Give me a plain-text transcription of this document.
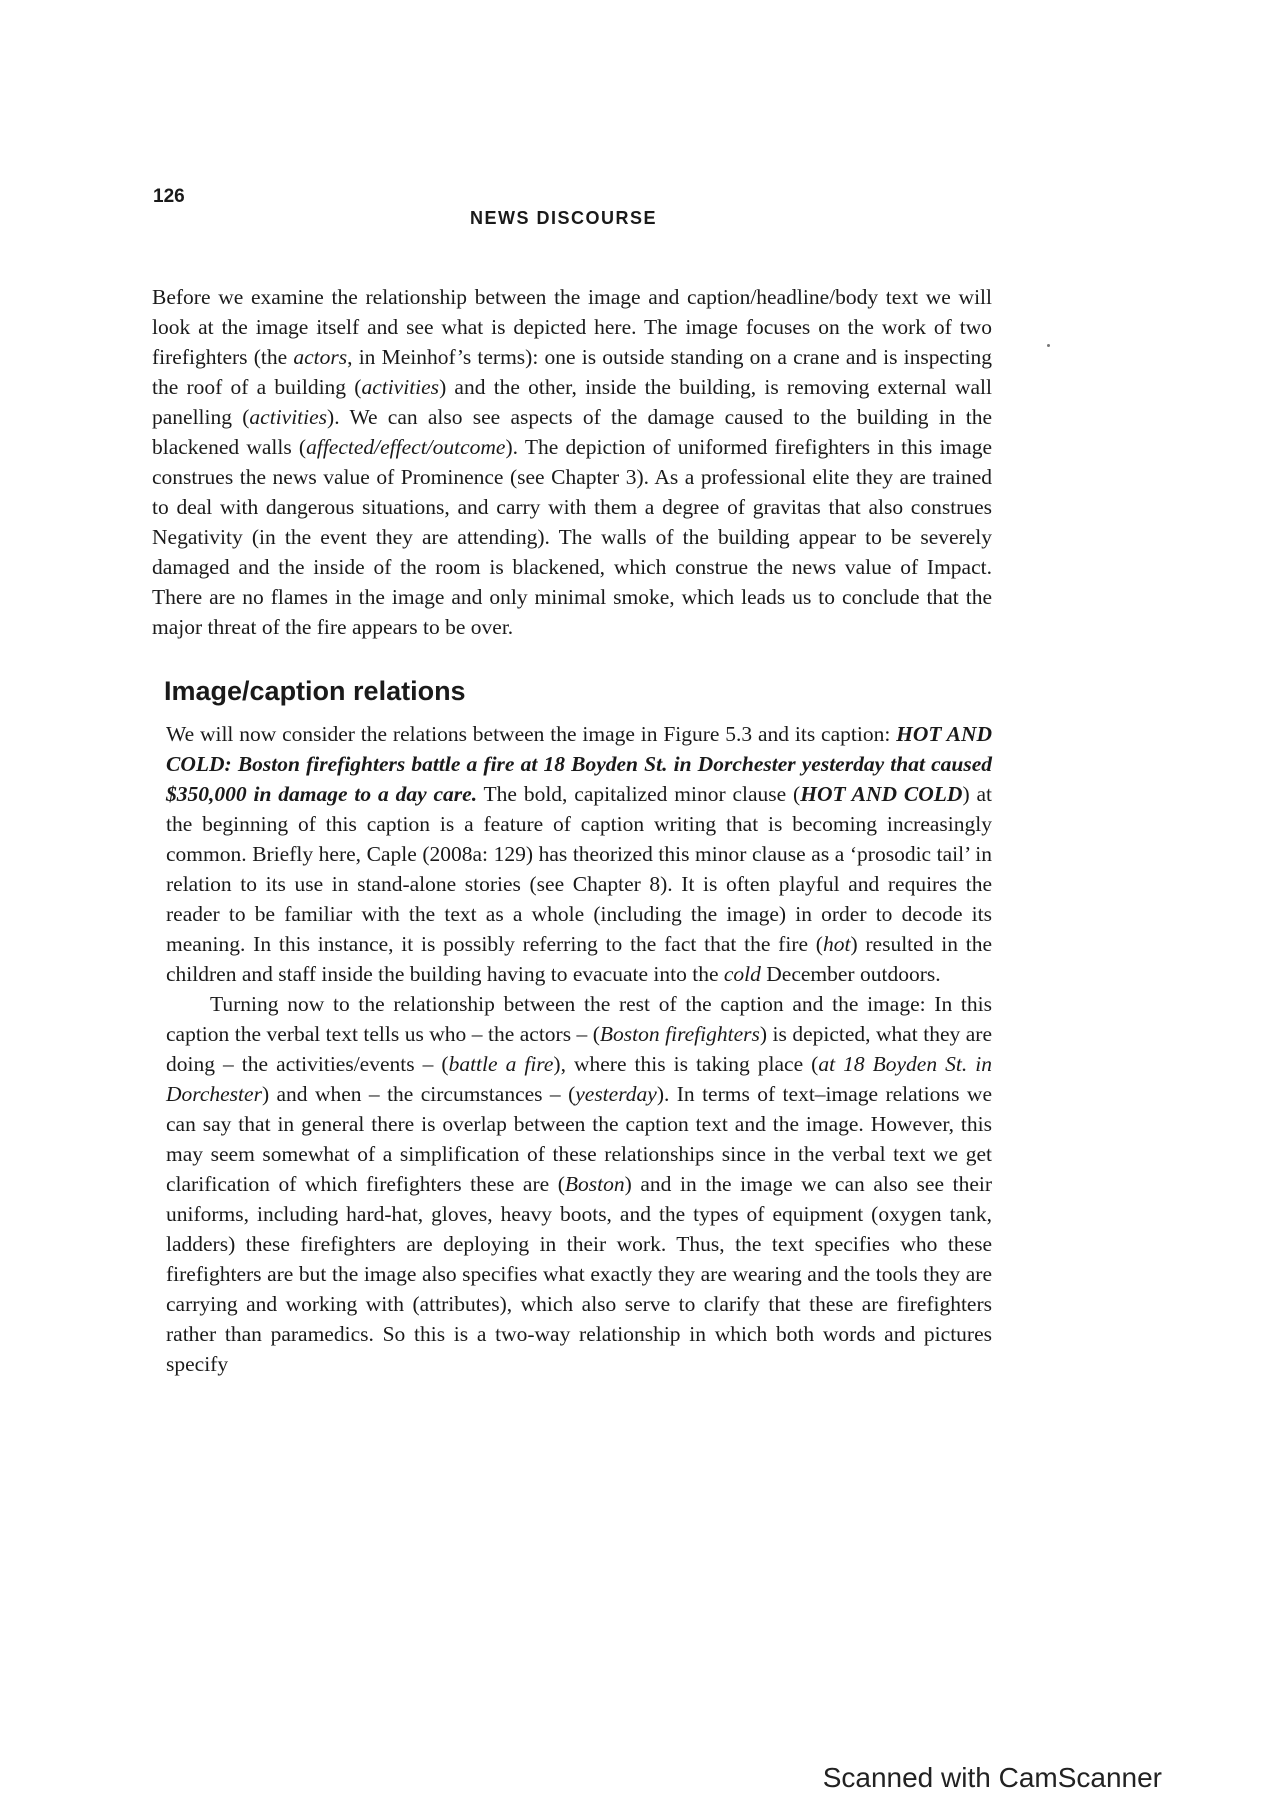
126
NEWS DISCOURSE

Before we examine the relationship between the image and caption/headline/body text we will look at the image itself and see what is depicted here. The image focuses on the work of two firefighters (the actors, in Meinhof’s terms): one is outside standing on a crane and is inspecting the roof of a building (activities) and the other, inside the building, is removing external wall panelling (activities). We can also see aspects of the damage caused to the building in the blackened walls (affected/effect/outcome). The depiction of uniformed firefighters in this image construes the news value of Prominence (see Chapter 3). As a professional elite they are trained to deal with dangerous situations, and carry with them a degree of gravitas that also construes Negativity (in the event they are attending). The walls of the building appear to be severely damaged and the inside of the room is blackened, which construe the news value of Impact. There are no flames in the image and only minimal smoke, which leads us to conclude that the major threat of the fire appears to be over.

Image/caption relations

We will now consider the relations between the image in Figure 5.3 and its caption: HOT AND COLD: Boston firefighters battle a fire at 18 Boyden St. in Dorchester yesterday that caused $350,000 in damage to a day care. The bold, capitalized minor clause (HOT AND COLD) at the beginning of this caption is a feature of caption writing that is becoming increasingly common. Briefly here, Caple (2008a: 129) has theorized this minor clause as a ‘prosodic tail’ in relation to its use in stand-alone stories (see Chapter 8). It is often playful and requires the reader to be familiar with the text as a whole (including the image) in order to decode its meaning. In this instance, it is possibly referring to the fact that the fire (hot) resulted in the children and staff inside the building having to evacuate into the cold December outdoors.

Turning now to the relationship between the rest of the caption and the image: In this caption the verbal text tells us who – the actors – (Boston firefighters) is depicted, what they are doing – the activities/events – (battle a fire), where this is taking place (at 18 Boyden St. in Dorchester) and when – the circumstances – (yesterday). In terms of text–image relations we can say that in general there is overlap between the caption text and the image. However, this may seem somewhat of a simplification of these relationships since in the verbal text we get clarification of which firefighters these are (Boston) and in the image we can also see their uniforms, including hard-hat, gloves, heavy boots, and the types of equipment (oxygen tank, ladders) these firefighters are deploying in their work. Thus, the text specifies who these firefighters are but the image also specifies what exactly they are wearing and the tools they are carrying and working with (attributes), which also serve to clarify that these are firefighters rather than paramedics. So this is a two-way relationship in which both words and pictures specify

Scanned with CamScanner
